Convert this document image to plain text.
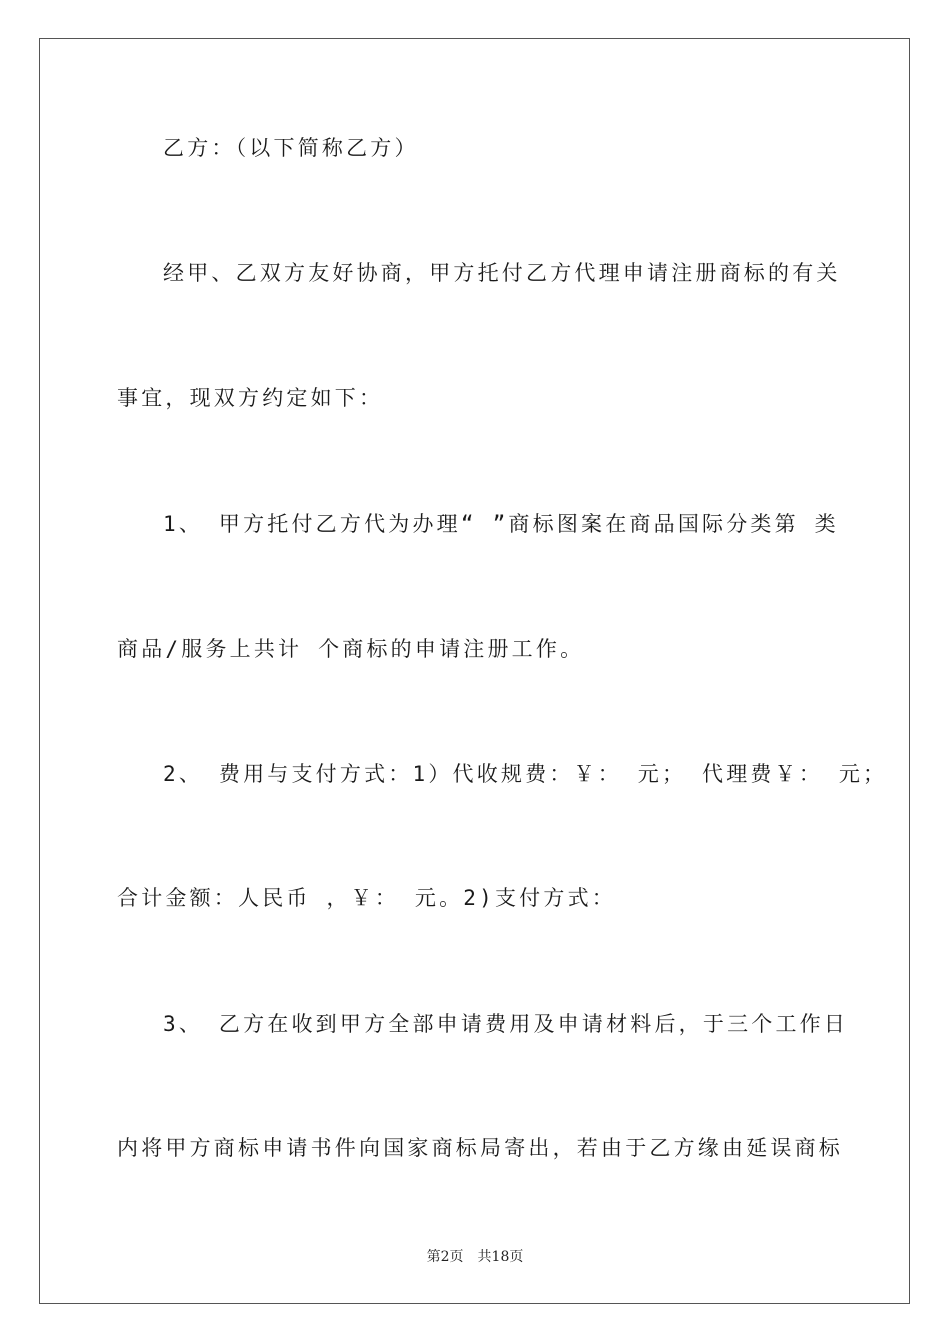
乙方：（以下简称乙方）
经甲、乙双方友好协商，甲方托付乙方代理申请注册商标的有关
事宜，现双方约定如下：
1、 甲方托付乙方代为办理“ ”商标图案在商品国际分类第 类
商品/服务上共计 个商标的申请注册工作。
2、 费用与支付方式：1）代收规费：￥： 元； 代理费￥： 元；
合计金额：人民币 ，￥： 元。2)支付方式：
3、 乙方在收到甲方全部申请费用及申请材料后，于三个工作日
内将甲方商标申请书件向国家商标局寄出，若由于乙方缘由延误商标
第2页　共18页
